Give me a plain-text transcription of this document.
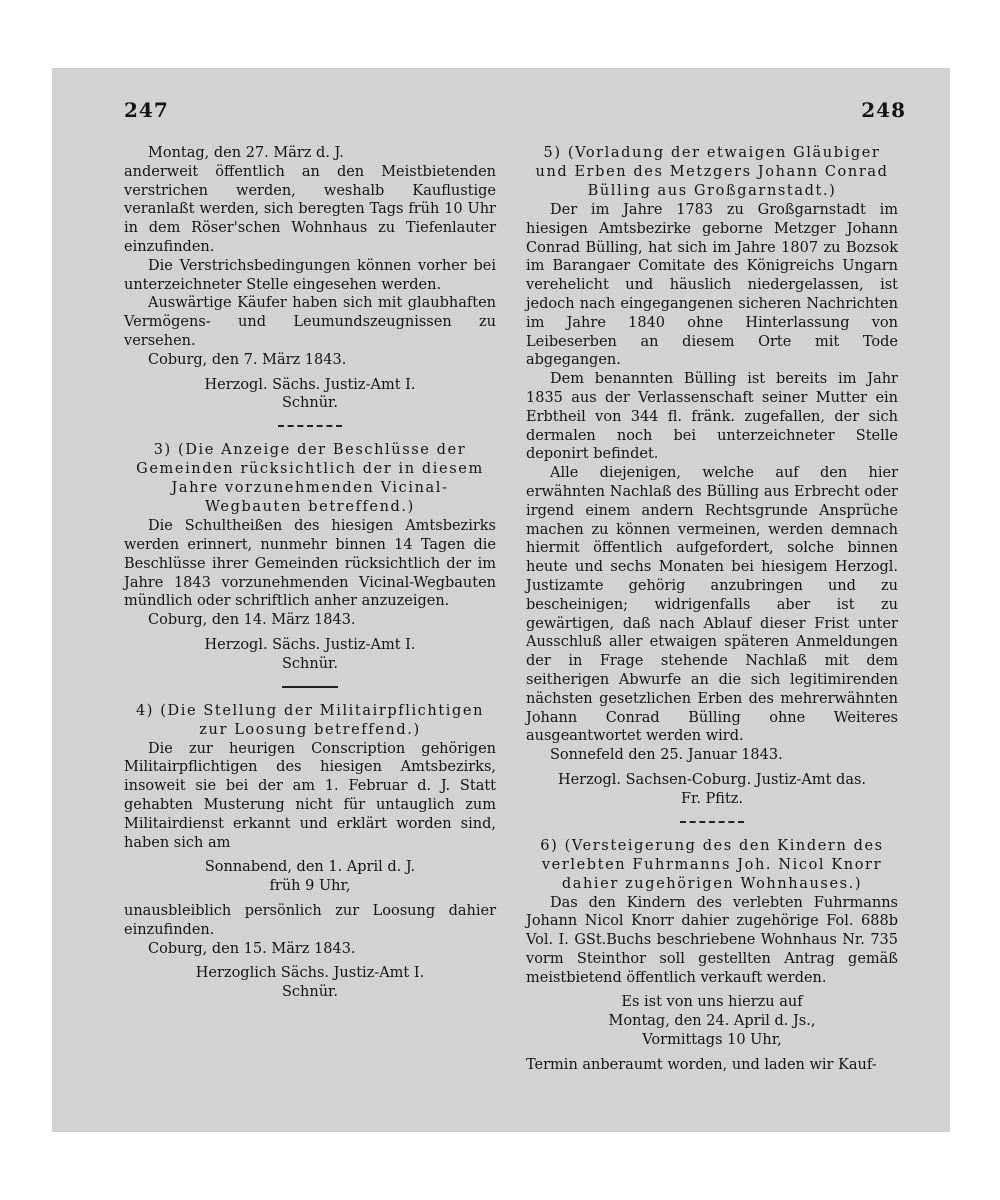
247	248

Montag, den 27. März d. J.

anderweit öffentlich an den Meistbietenden verstrichen werden, weshalb Kauflustige veranlaßt werden, sich beregten Tags früh 10 Uhr in dem Röser'schen Wohnhaus zu Tiefenlauter einzufinden.

Die Verstrichsbedingungen können vorher bei unterzeichneter Stelle eingesehen werden.

Auswärtige Käufer haben sich mit glaubhaften Vermögens- und Leumundszeugnissen zu versehen.

Coburg, den 7. März 1843.

Herzogl. Sächs. Justiz-Amt I.

Schnür.

3) (Die Anzeige der Beschlüsse der Gemeinden rücksichtlich der in diesem Jahre vorzunehmenden Vicinal-Wegbauten betreffend.)

Die Schultheißen des hiesigen Amtsbezirks werden erinnert, nunmehr binnen 14 Tagen die Beschlüsse ihrer Gemeinden rücksichtlich der im Jahre 1843 vorzunehmenden Vicinal-Wegbauten mündlich oder schriftlich anher anzuzeigen.

Coburg, den 14. März 1843.

Herzogl. Sächs. Justiz-Amt I.

Schnür.

4) (Die Stellung der Militairpflichtigen zur Loosung betreffend.)

Die zur heurigen Conscription gehörigen Militairpflichtigen des hiesigen Amtsbezirks, insoweit sie bei der am 1. Februar d. J. Statt gehabten Musterung nicht für untauglich zum Militairdienst erkannt und erklärt worden sind, haben sich am

Sonnabend, den 1. April d. J.

früh 9 Uhr,

unausbleiblich persönlich zur Loosung dahier einzufinden.

Coburg, den 15. März 1843.

Herzoglich Sächs. Justiz-Amt I.

Schnür.

5) (Vorladung der etwaigen Gläubiger und Erben des Metzgers Johann Conrad Bülling aus Großgarnstadt.)

Der im Jahre 1783 zu Großgarnstadt im hiesigen Amtsbezirke geborne Metzger Johann Conrad Bülling, hat sich im Jahre 1807 zu Bozsok im Barangaer Comitate des Königreichs Ungarn verehelicht und häuslich niedergelassen, ist jedoch nach eingegangenen sicheren Nachrichten im Jahre 1840 ohne Hinterlassung von Leibeserben an diesem Orte mit Tode abgegangen.

Dem benannten Bülling ist bereits im Jahr 1835 aus der Verlassenschaft seiner Mutter ein Erbtheil von 344 fl. fränk. zugefallen, der sich dermalen noch bei unterzeichneter Stelle deponirt befindet.

Alle diejenigen, welche auf den hier erwähnten Nachlaß des Bülling aus Erbrecht oder irgend einem andern Rechtsgrunde Ansprüche machen zu können vermeinen, werden demnach hiermit öffentlich aufgefordert, solche binnen heute und sechs Monaten bei hiesigem Herzogl. Justizamte gehörig anzubringen und zu bescheinigen; widrigenfalls aber ist zu gewärtigen, daß nach Ablauf dieser Frist unter Ausschluß aller etwaigen späteren Anmeldungen der in Frage stehende Nachlaß mit dem seitherigen Abwurfe an die sich legitimirenden nächsten gesetzlichen Erben des mehrerwähnten Johann Conrad Bülling ohne Weiteres ausgeantwortet werden wird.

Sonnefeld den 25. Januar 1843.

Herzogl. Sachsen-Coburg. Justiz-Amt das.

Fr. Pfitz.

6) (Versteigerung des den Kindern des verlebten Fuhrmanns Joh. Nicol Knorr dahier zugehörigen Wohnhauses.)

Das den Kindern des verlebten Fuhrmanns Johann Nicol Knorr dahier zugehörige Fol. 688b Vol. I. GSt.Buchs beschriebene Wohnhaus Nr. 735 vorm Steinthor soll gestellten Antrag gemäß meistbietend öffentlich verkauft werden.

Es ist von uns hierzu auf

Montag, den 24. April d. Js.,

Vormittags 10 Uhr,

Termin anberaumt worden, und laden wir Kauf-
